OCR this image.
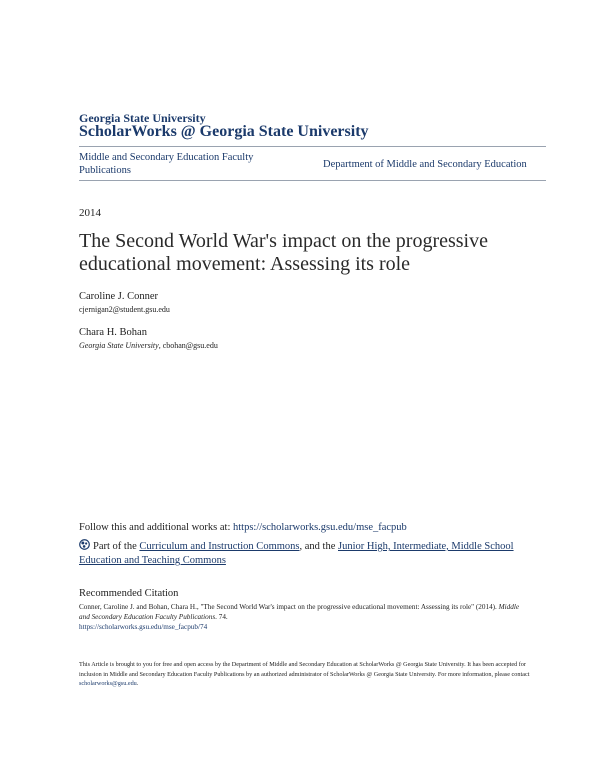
Georgia State University
ScholarWorks @ Georgia State University
Middle and Secondary Education Faculty Publications
Department of Middle and Secondary Education
2014
The Second World War's impact on the progressive educational movement: Assessing its role
Caroline J. Conner
cjernigan2@student.gsu.edu
Chara H. Bohan
Georgia State University, cbohan@gsu.edu
Follow this and additional works at: https://scholarworks.gsu.edu/mse_facpub
Part of the Curriculum and Instruction Commons, and the Junior High, Intermediate, Middle School Education and Teaching Commons
Recommended Citation
Conner, Caroline J. and Bohan, Chara H., "The Second World War's impact on the progressive educational movement: Assessing its role" (2014). Middle and Secondary Education Faculty Publications. 74.
https://scholarworks.gsu.edu/mse_facpub/74
This Article is brought to you for free and open access by the Department of Middle and Secondary Education at ScholarWorks @ Georgia State University. It has been accepted for inclusion in Middle and Secondary Education Faculty Publications by an authorized administrator of ScholarWorks @ Georgia State University. For more information, please contact scholarworks@gsu.edu.
